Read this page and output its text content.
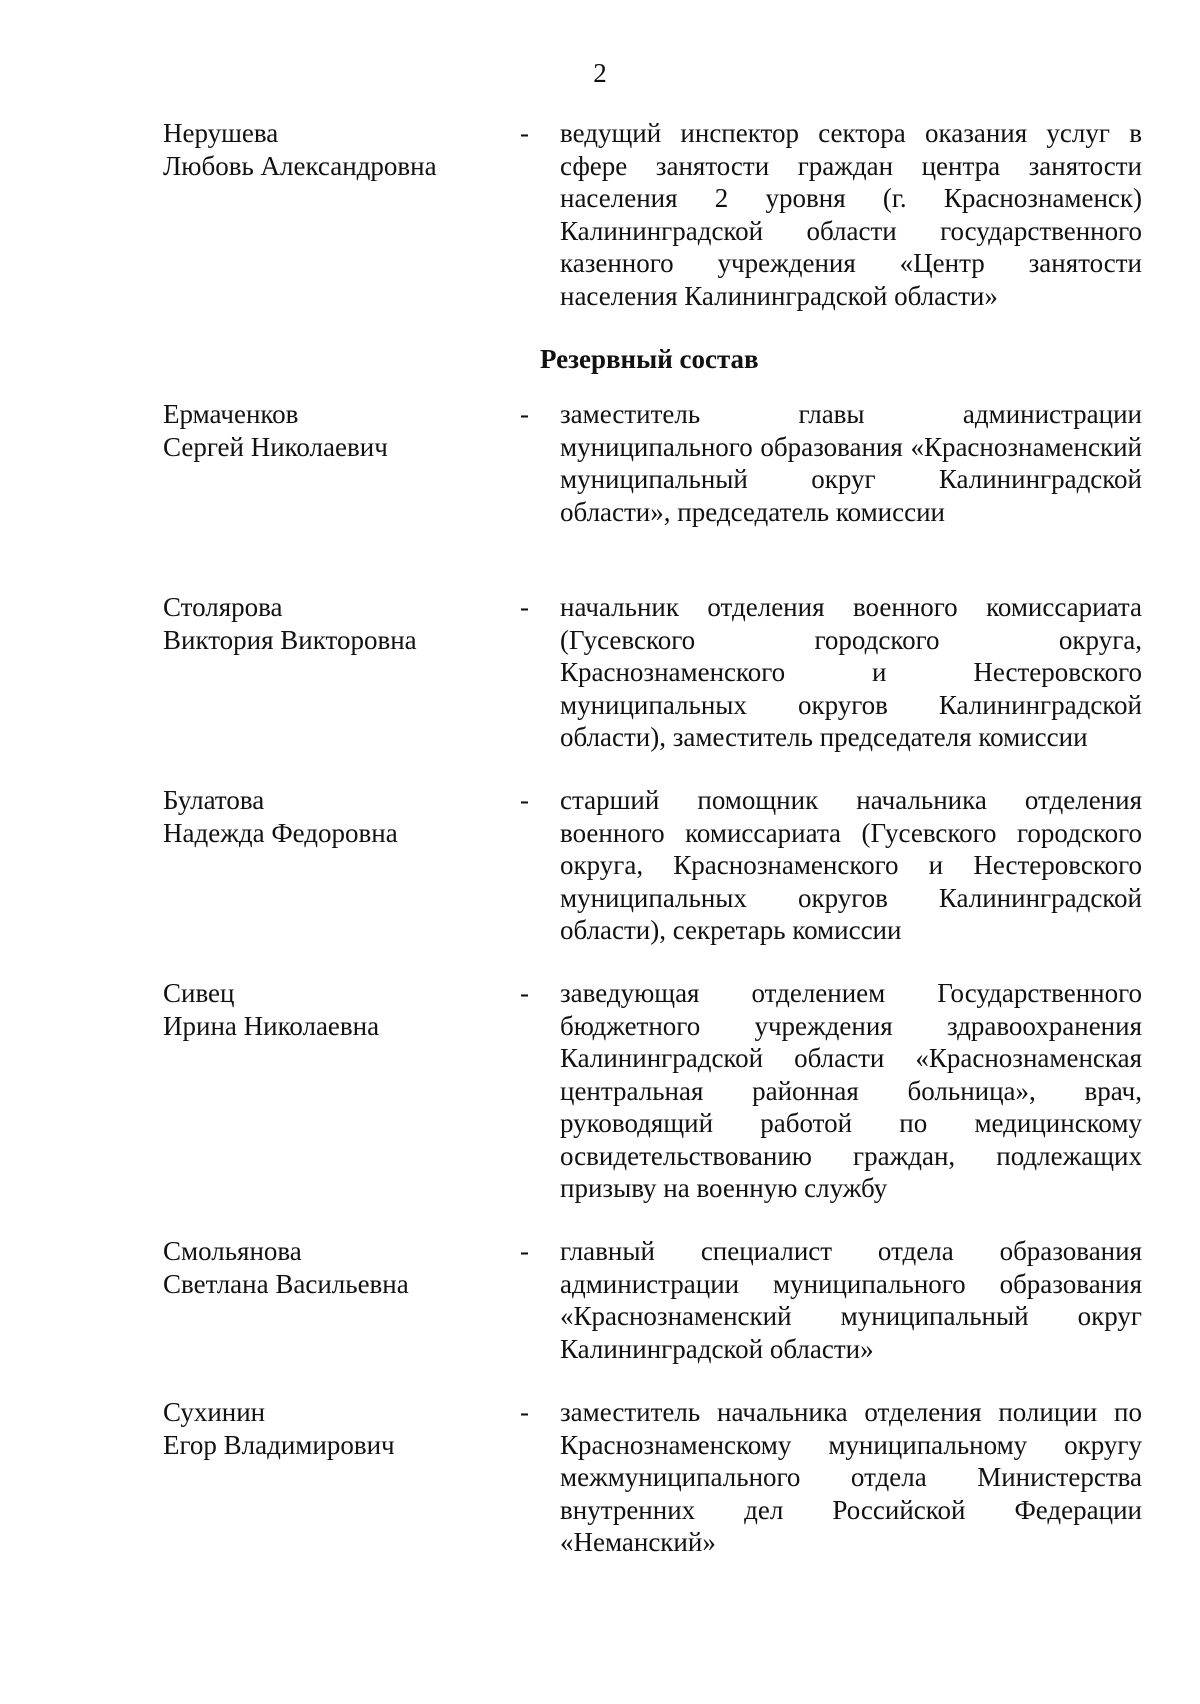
2
Нерушева
Любовь Александровна
- ведущий инспектор сектора оказания услуг в сфере занятости граждан центра занятости населения 2 уровня (г. Краснознаменск) Калининградской области государственного казенного учреждения «Центр занятости населения Калининградской области»
Резервный состав
Ермаченков
Сергей Николаевич
- заместитель главы администрации муниципального образования «Краснознаменский муниципальный округ Калининградской области», председатель комиссии
Столярова
Виктория Викторовна
- начальник отделения военного комиссариата (Гусевского городского округа, Краснознаменского и Нестеровского муниципальных округов Калининградской области), заместитель председателя комиссии
Булатова
Надежда Федоровна
- старший помощник начальника отделения военного комиссариата (Гусевского городского округа, Краснознаменского и Нестеровского муниципальных округов Калининградской области), секретарь комиссии
Сивец
Ирина Николаевна
- заведующая отделением Государственного бюджетного учреждения здравоохранения Калининградской области «Краснознаменская центральная районная больница», врач, руководящий работой по медицинскому освидетельствованию граждан, подлежащих призыву на военную службу
Смольянова
Светлана Васильевна
- главный специалист отдела образования администрации муниципального образования «Краснознаменский муниципальный округ Калининградской области»
Сухинин
Егор Владимирович
- заместитель начальника отделения полиции по Краснознаменскому муниципальному округу межмуниципального отдела Министерства внутренних дел Российской Федерации «Неманский»
